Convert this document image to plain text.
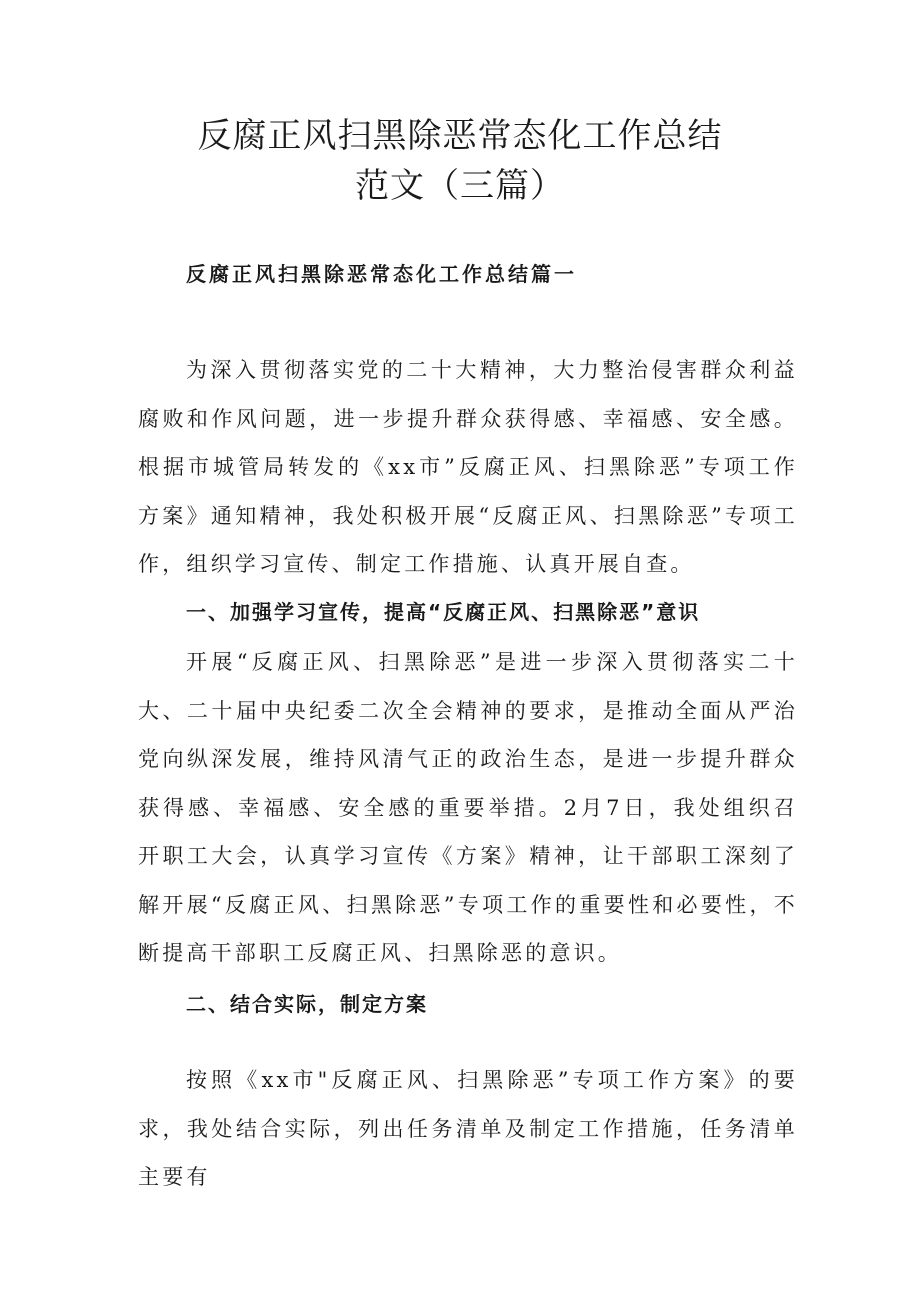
反腐正风扫黑除恶常态化工作总结
范文（三篇）
反腐正风扫黑除恶常态化工作总结篇一

为深入贯彻落实党的二十大精神，大力整治侵害群众利益腐败和作风问题，进一步提升群众获得感、幸福感、安全感。根据市城管局转发的《xx市”反腐正风、扫黑除恶”专项工作方案》通知精神，我处积极开展“反腐正风、扫黑除恶”专项工作，组织学习宣传、制定工作措施、认真开展自查。

一、加强学习宣传，提高“反腐正风、扫黑除恶”意识

开展“反腐正风、扫黑除恶”是进一步深入贯彻落实二十大、二十届中央纪委二次全会精神的要求，是推动全面从严治党向纵深发展，维持风清气正的政治生态，是进一步提升群众获得感、幸福感、安全感的重要举措。2月7日，我处组织召开职工大会，认真学习宣传《方案》精神，让干部职工深刻了解开展“反腐正风、扫黑除恶”专项工作的重要性和必要性，不断提高干部职工反腐正风、扫黑除恶的意识。

二、结合实际，制定方案

按照《xx市"反腐正风、扫黑除恶”专项工作方案》的要求，我处结合实际，列出任务清单及制定工作措施，任务清单主要有
